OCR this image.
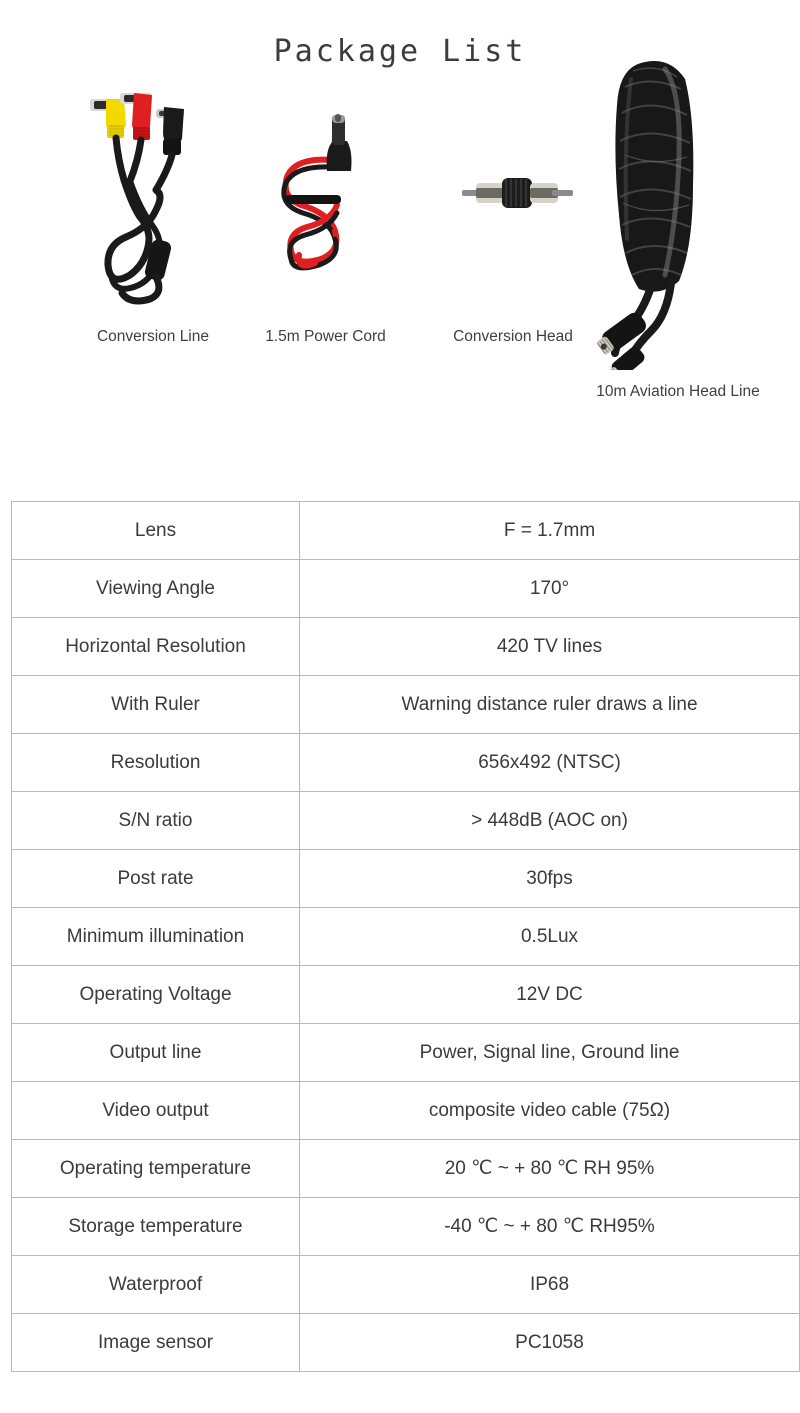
Package List
Conversion Line	1.5m Power Cord	Conversion Head
10m Aviation Head Line
Lens	F = 1.7mm
Viewing Angle	170°
Horizontal Resolution	420 TV lines
With Ruler	Warning distance ruler draws a line
Resolution	656x492 (NTSC)
S/N ratio	> 448dB (AOC on)
Post rate	30fps
Minimum illumination	0.5Lux
Operating Voltage	12V DC
Output line	Power, Signal line, Ground line
Video output	composite video cable (75Ω)
Operating temperature	20 ℃ ~ + 80 ℃ RH 95%
Storage temperature	-40 ℃ ~ + 80 ℃ RH95%
Waterproof	IP68
Image sensor	PC1058
